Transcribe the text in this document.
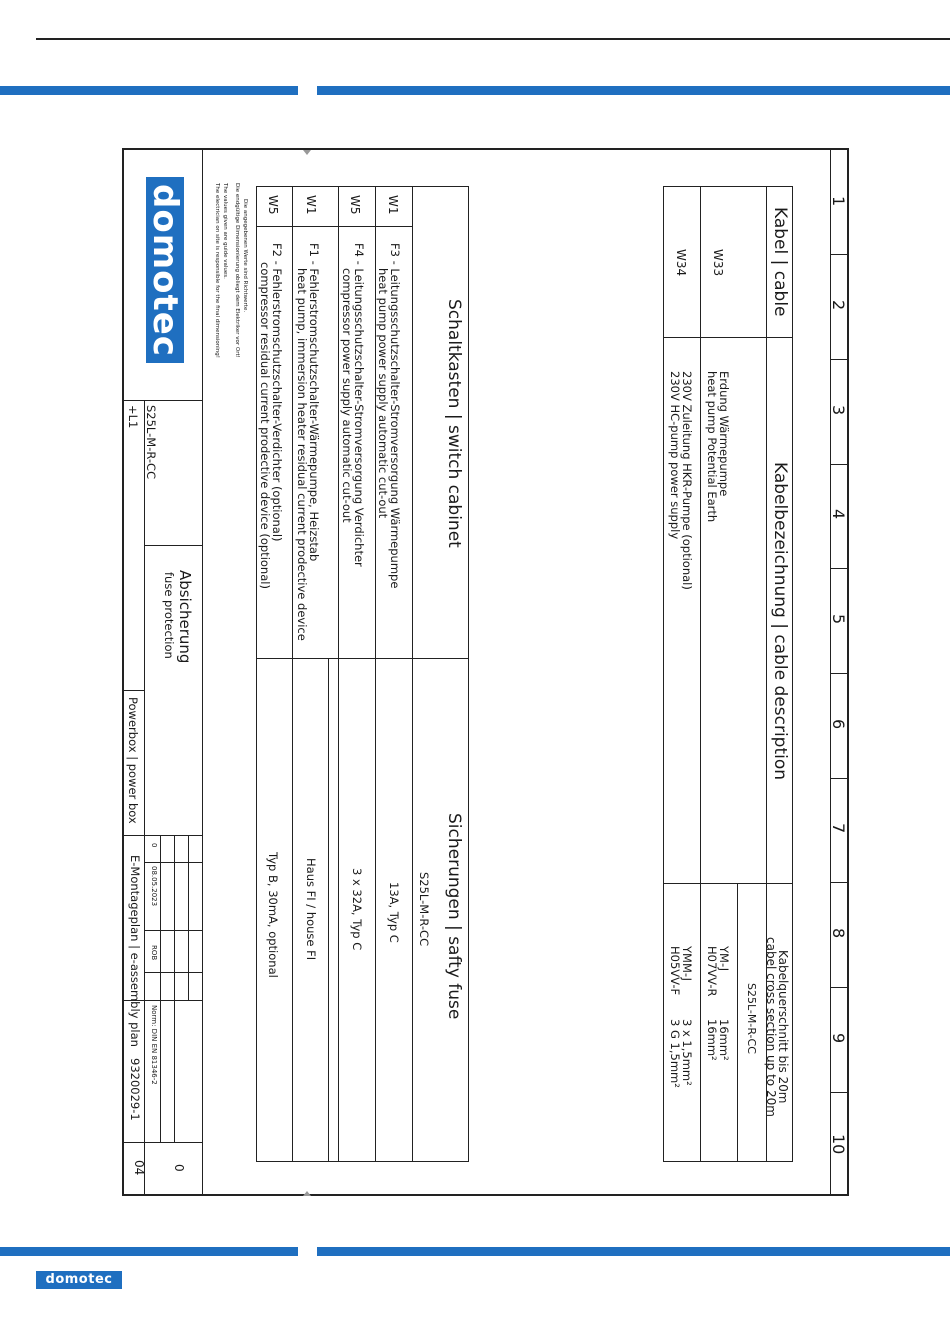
domotec
1
2
3
4
5
6
7
8
9
10
Kabel | cable
Kabelbezeichnung | cable description
Kabelquerschnitt bis 20m
cabel cross section up to 20m
S25L-M-R-CC
W33
Erdung Wärmepumpe
heat pump Potential Earth
YM-J
H07VV-R
16mm²
16mm²
W34
230V Zuleitung HKR-Pumpe (optional)
230V HC-pump power supply
YMM-J
H05VV-F
3 x 1,5mm²
3 G 1,5mm²
Schaltkasten | switch cabinet
Sicherungen | safty fuse
S25L-M-R-CC
W1
F3 - Leitungsschutzschalter-Stromversorgung Wärmepumpe
heat pump power supply automatic cut-out
13A, Typ C
W5
F4 - Leitungsschutzschalter-Stromversorgung Verdichter
compressor power supply automatic cut-out
3 x 32A, Typ C
W1
F1 - Fehlerstromschutzschalter-Wärmepumpe, Heizstab
heat pump, immersion heater residual current prodective device
Haus FI / house FI
W5
F2 - Fehlerstromschutzschalter-Verdichter (optional)
compressor residual current prodective device (optional)
Typ B, 30mA, optional
Die angegebenen Werte sind Richtwerte.
Die endgültige Dimensionierung obliegt dem Elektriker vor Ort!
The values given are guide values.
The electrician on site is responsible for the final dimensioning!
domotec
S25L-M-R-CC
+L1
Absicherung
fuse protection
Powerbox | power box
E-Montageplan | e-assembly plan
9320029-1
0
04
0
08.05.2023
ROB
Norm: DIN EN 81346-2
